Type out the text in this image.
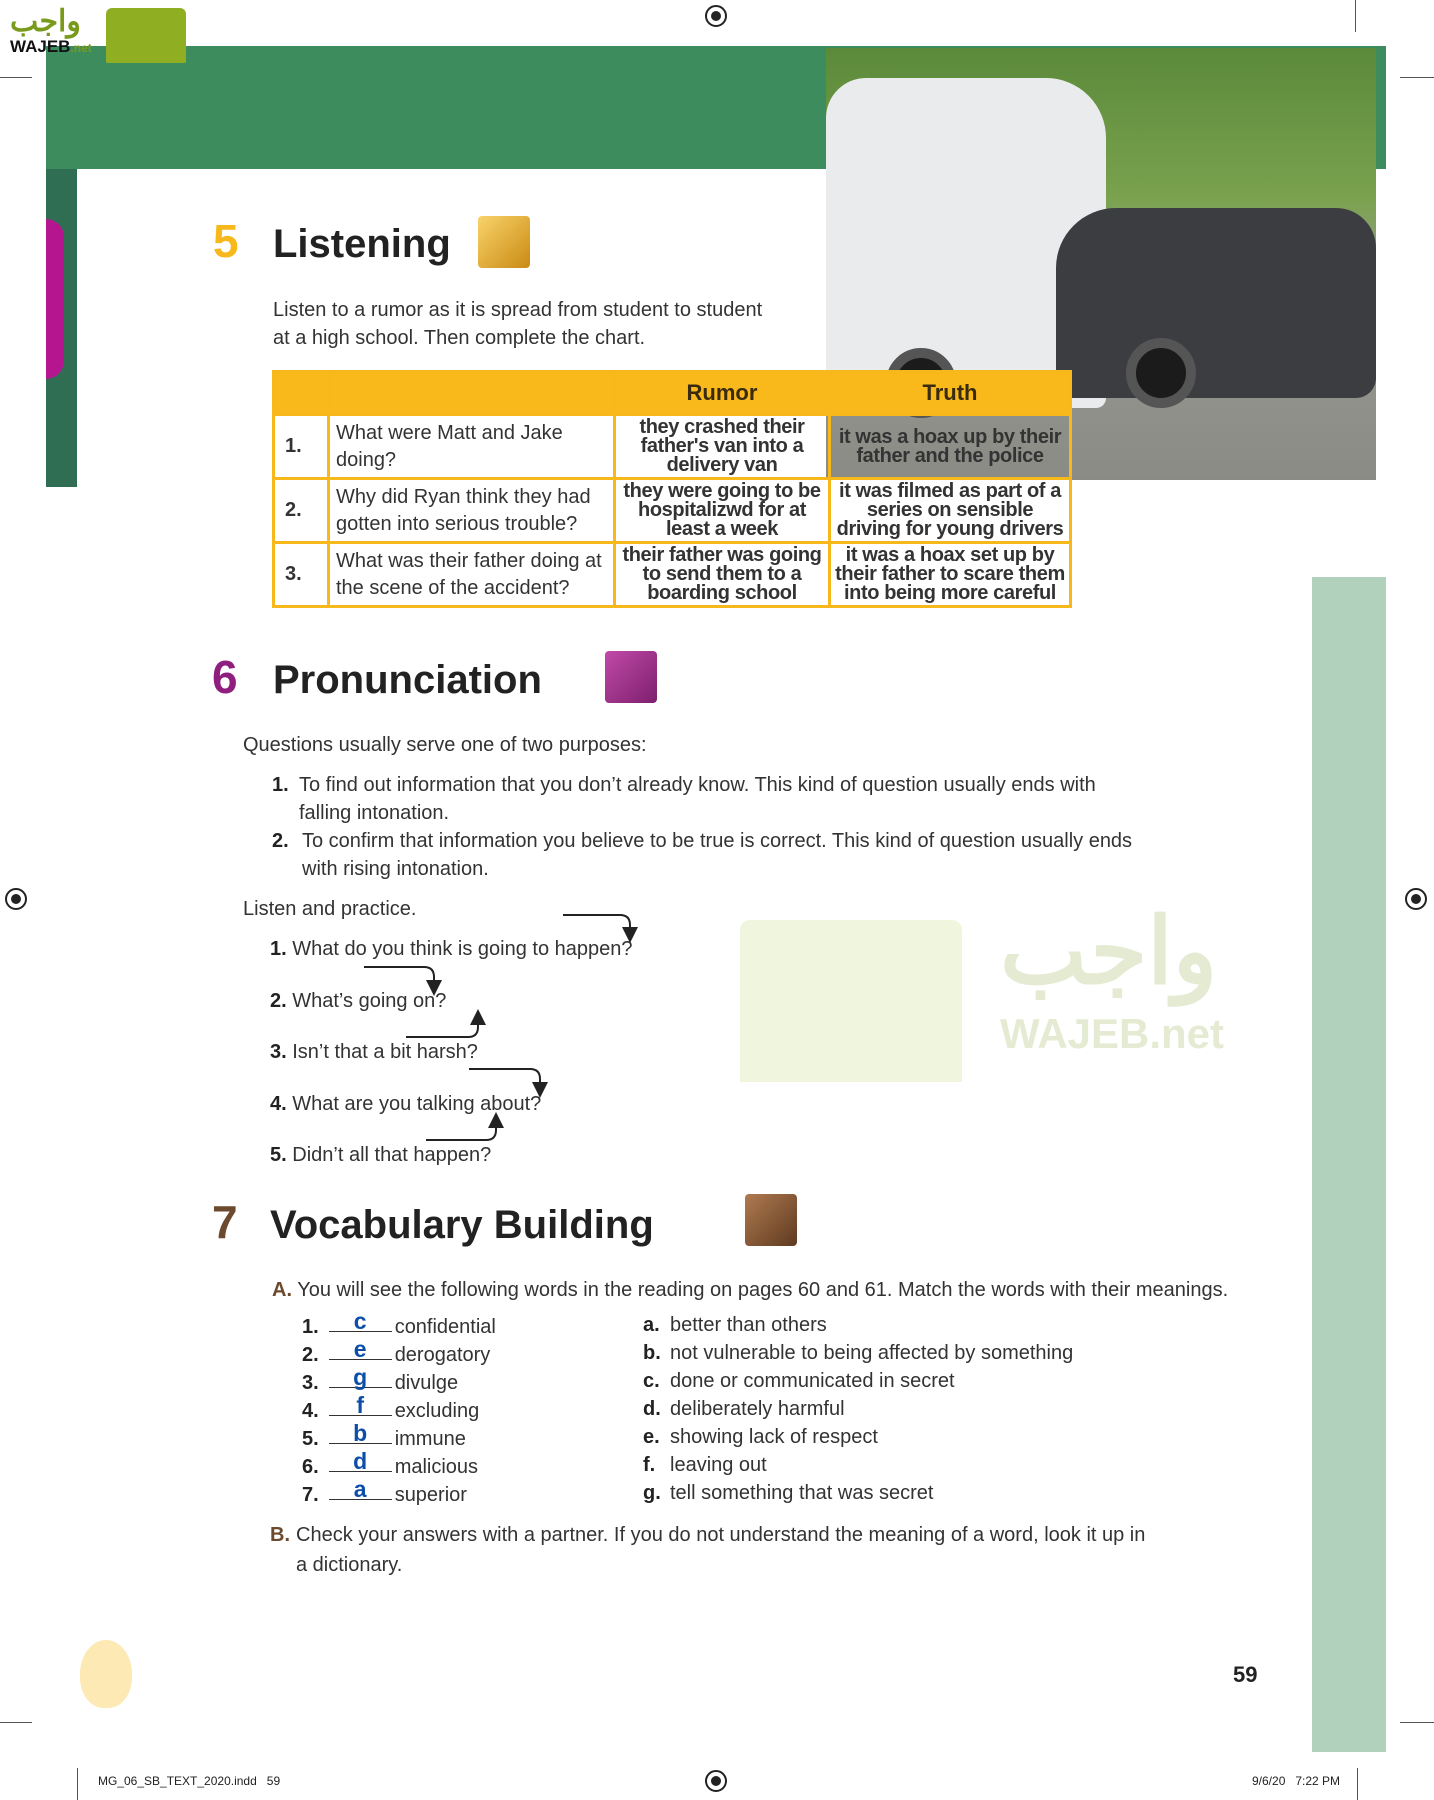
واجب
WAJEB.net
واجب
WAJEB.net
5 Listening
Listen to a rumor as it is spread from student to student
at a high school. Then complete the chart.
		Rumor	Truth
1.	What were Matt and Jake doing?	they crashed their father's van into a delivery van	it was a hoax up by their father and the police
2.	Why did Ryan think they had gotten into serious trouble?	they were going to be hospitalizwd for at least a week	it was filmed as part of a series on sensible driving for young drivers
3.	What was their father doing at the scene of the accident?	their father was going to send them to a boarding school	it was a hoax set up by their father to scare them into being more careful
6 Pronunciation
Questions usually serve one of two purposes:
1. To find out information that you don’t already know. This kind of question usually ends with
falling intonation.
2. To confirm that information you believe to be true is correct. This kind of question usually ends
with rising intonation.
Listen and practice.
1. What do you think is going to happen?
2. What’s going on?
3. Isn’t that a bit harsh?
4. What are you talking about?
5. Didn’t all that happen?
7 Vocabulary Building
A. You will see the following words in the reading on pages 60 and 61. Match the words with their meanings.
1. c confidential
2. e derogatory
3. g divulge
4. f excluding
5. b immune
6. d malicious
7. a superior
a. better than others
b. not vulnerable to being affected by something
c. done or communicated in secret
d. deliberately harmful
e. showing lack of respect
f. leaving out
g. tell something that was secret
B. Check your answers with a partner. If you do not understand the meaning of a word, look it up in
a dictionary.
59
MG_06_SB_TEXT_2020.indd   59	9/6/20   7:22 PM
